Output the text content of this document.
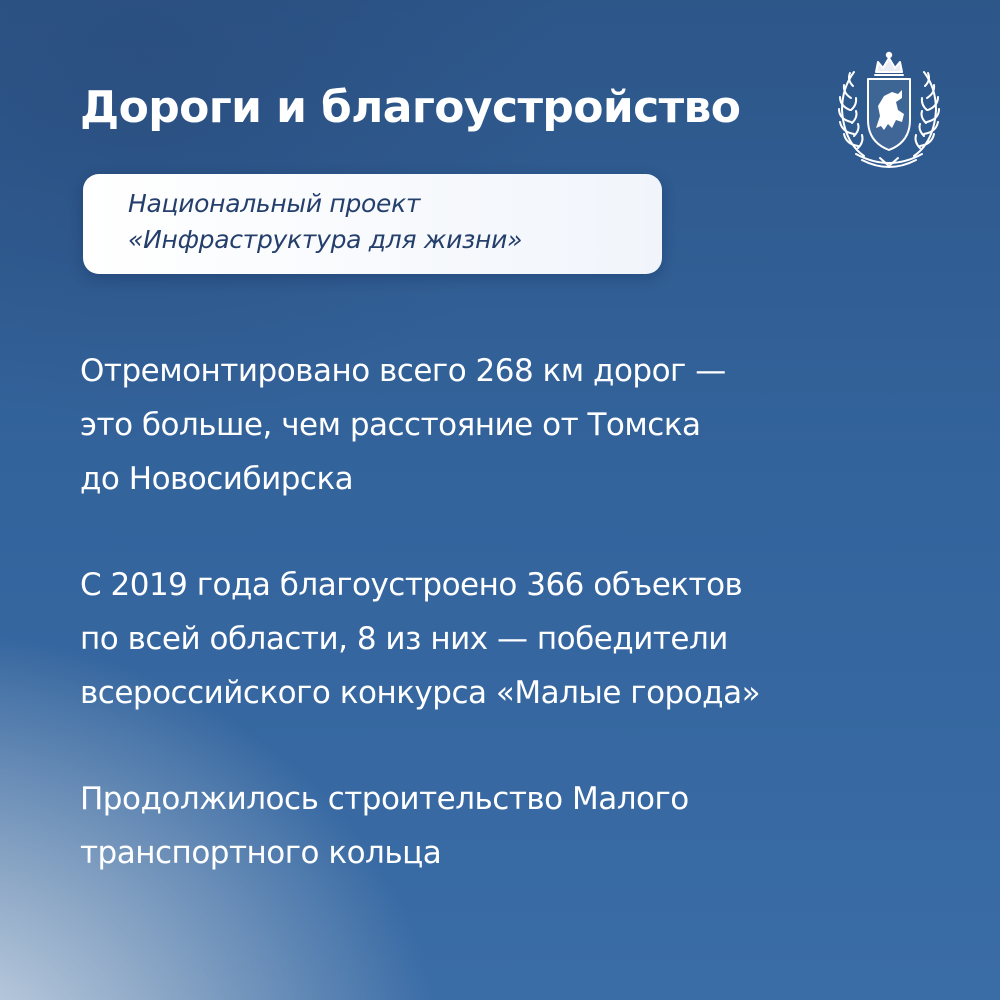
Дороги и благоустройство
Национальный проект
«Инфраструктура для жизни»

Отремонтировано всего 268 км дорог —
это больше, чем расстояние от Томска
до Новосибирска

С 2019 года благоустроено 366 объектов
по всей области, 8 из них — победители
всероссийского конкурса «Малые города»

Продолжилось строительство Малого
транспортного кольца
